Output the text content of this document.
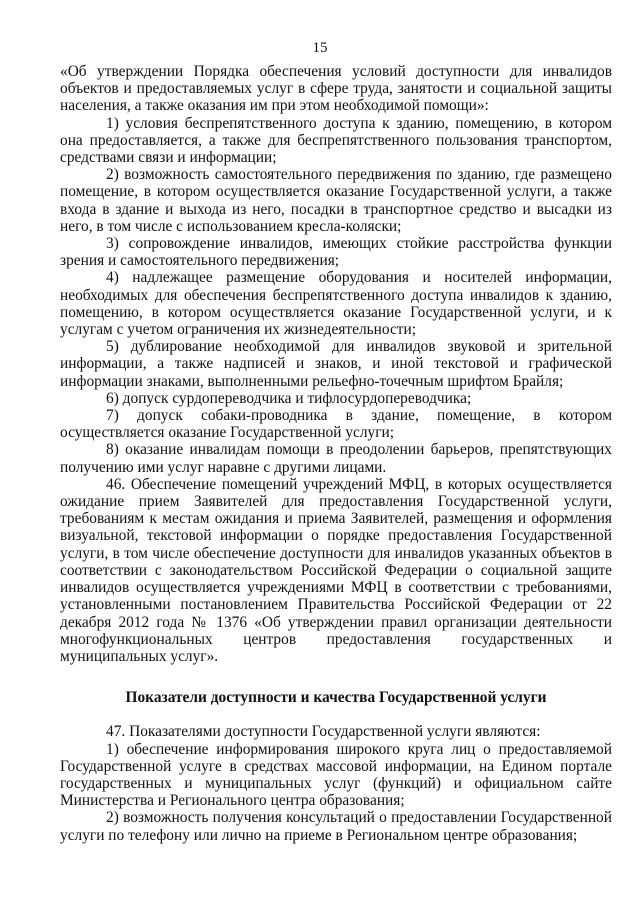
15

«Об утверждении Порядка обеспечения условий доступности для инвалидов объектов и предоставляемых услуг в сфере труда, занятости и социальной защиты населения, а также оказания им при этом необходимой помощи»:

1) условия беспрепятственного доступа к зданию, помещению, в котором она предоставляется, а также для беспрепятственного пользования транспортом, средствами связи и информации;

2) возможность самостоятельного передвижения по зданию, где размещено помещение, в котором осуществляется оказание Государственной услуги, а также входа в здание и выхода из него, посадки в транспортное средство и высадки из него, в том числе с использованием кресла-коляски;

3) сопровождение инвалидов, имеющих стойкие расстройства функции зрения и самостоятельного передвижения;

4) надлежащее размещение оборудования и носителей информации, необходимых для обеспечения беспрепятственного доступа инвалидов к зданию, помещению, в котором осуществляется оказание Государственной услуги, и к услугам с учетом ограничения их жизнедеятельности;

5) дублирование необходимой для инвалидов звуковой и зрительной информации, а также надписей и знаков, и иной текстовой и графической информации знаками, выполненными рельефно-точечным шрифтом Брайля;

6) допуск сурдопереводчика и тифлосурдопереводчика;

7) допуск собаки-проводника в здание, помещение, в котором осуществляется оказание Государственной услуги;

8) оказание инвалидам помощи в преодолении барьеров, препятствующих получению ими услуг наравне с другими лицами.

46. Обеспечение помещений учреждений МФЦ, в которых осуществляется ожидание прием Заявителей для предоставления Государственной услуги, требованиям к местам ожидания и приема Заявителей, размещения и оформления визуальной, текстовой информации о порядке предоставления Государственной услуги, в том числе обеспечение доступности для инвалидов указанных объектов в соответствии с законодательством Российской Федерации о социальной защите инвалидов осуществляется учреждениями МФЦ в соответствии с требованиями, установленными постановлением Правительства Российской Федерации от 22 декабря 2012 года № 1376 «Об утверждении правил организации деятельности многофункциональных центров предоставления государственных и муниципальных услуг».

Показатели доступности и качества Государственной услуги

47. Показателями доступности Государственной услуги являются:

1) обеспечение информирования широкого круга лиц о предоставляемой Государственной услуге в средствах массовой информации, на Едином портале государственных и муниципальных услуг (функций) и официальном сайте Министерства и Регионального центра образования;

2) возможность получения консультаций о предоставлении Государственной услуги по телефону или лично на приеме в Региональном центре образования;
